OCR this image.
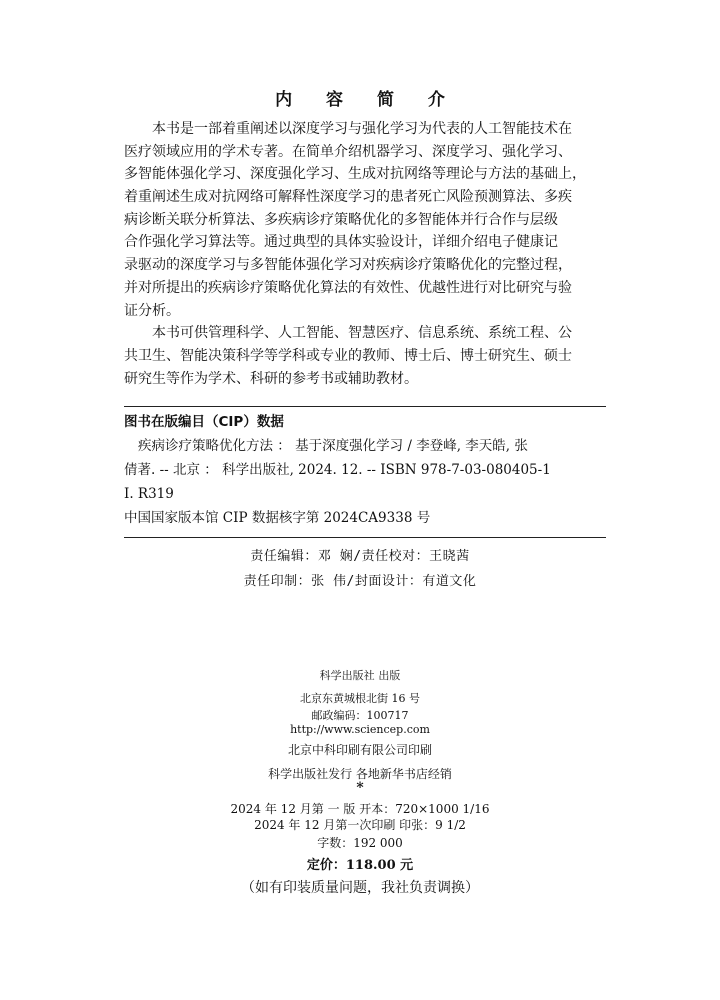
内 容 简 介
本书是一部着重阐述以深度学习与强化学习为代表的人工智能技术在
医疗领域应用的学术专著。在简单介绍机器学习、深度学习、强化学习、
多智能体强化学习、深度强化学习、生成对抗网络等理论与方法的基础上，
着重阐述生成对抗网络可解释性深度学习的患者死亡风险预测算法、多疾
病诊断关联分析算法、多疾病诊疗策略优化的多智能体并行合作与层级
合作强化学习算法等。通过典型的具体实验设计，详细介绍电子健康记
录驱动的深度学习与多智能体强化学习对疾病诊疗策略优化的完整过程，
并对所提出的疾病诊疗策略优化算法的有效性、优越性进行对比研究与验
证分析。
本书可供管理科学、人工智能、智慧医疗、信息系统、系统工程、公
共卫生、智能决策科学等学科或专业的教师、博士后、博士研究生、硕士
研究生等作为学术、科研的参考书或辅助教材。
图书在版编目（CIP）数据
疾病诊疗策略优化方法 ： 基于深度强化学习 / 李登峰, 李天皓, 张
倩著. -- 北京 ： 科学出版社, 2024. 12. -- ISBN 978-7-03-080405-1
Ⅰ. R319
中国国家版本馆 CIP 数据核字第 2024CA9338 号
责任编辑：邓 娴/责任校对：王晓茜
责任印制：张 伟/封面设计：有道文化
科学出版社 出版
北京东黄城根北街 16 号
邮政编码：100717
http://www.sciencep.com
北京中科印刷有限公司印刷
科学出版社发行 各地新华书店经销
*
2024 年 12 月第 一 版 开本：720×1000 1/16
2024 年 12 月第一次印刷 印张：9 1/2
字数：192 000
定价：118.00 元
（如有印装质量问题，我社负责调换）
